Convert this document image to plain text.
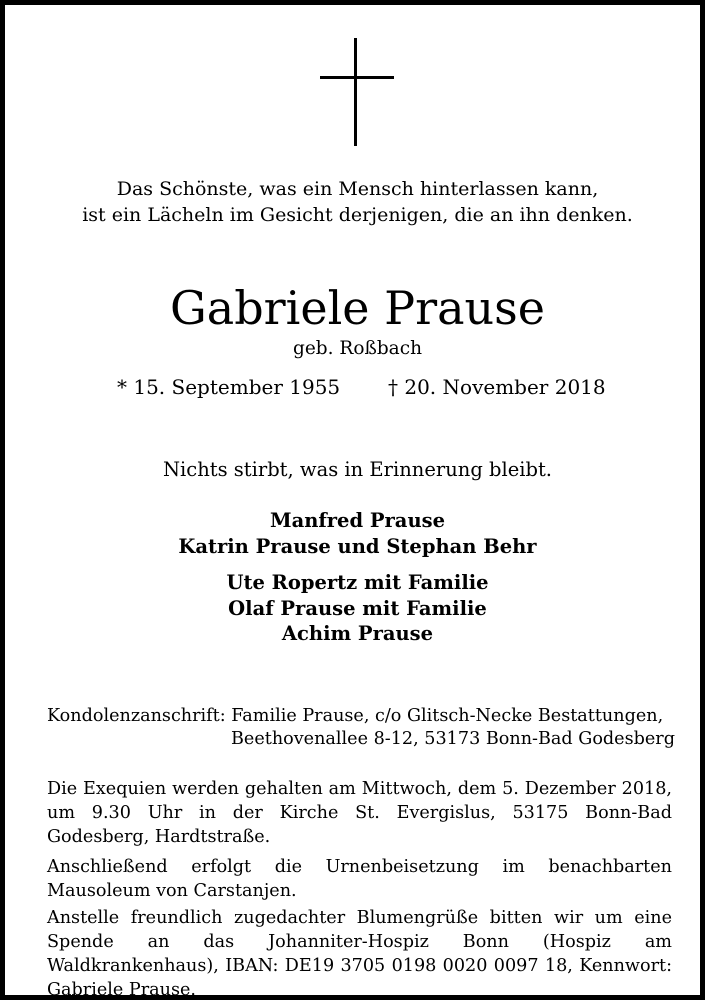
Das Schönste, was ein Mensch hinterlassen kann,
ist ein Lächeln im Gesicht derjenigen, die an ihn denken.
Gabriele Prause
geb. Roßbach
* 15. September 1955 † 20. November 2018
Nichts stirbt, was in Erinnerung bleibt.
Manfred Prause
Katrin Prause und Stephan Behr
Ute Ropertz mit Familie
Olaf Prause mit Familie
Achim Prause
Kondolenzanschrift: Familie Prause, c/o Glitsch-Necke Bestattungen,
Beethovenallee 8-12, 53173 Bonn-Bad Godesberg
Die Exequien werden gehalten am Mittwoch, dem 5. Dezember 2018, um 9.30 Uhr in der Kirche St. Evergislus, 53175 Bonn-Bad Godesberg, Hardtstraße.
Anschließend erfolgt die Urnenbeisetzung im benachbarten Mausoleum von Carstanjen.
Anstelle freundlich zugedachter Blumengrüße bitten wir um eine Spende an das Johanniter-Hospiz Bonn (Hospiz am Waldkrankenhaus), IBAN: DE19 3705 0198 0020 0097 18, Kennwort: Gabriele Prause.
